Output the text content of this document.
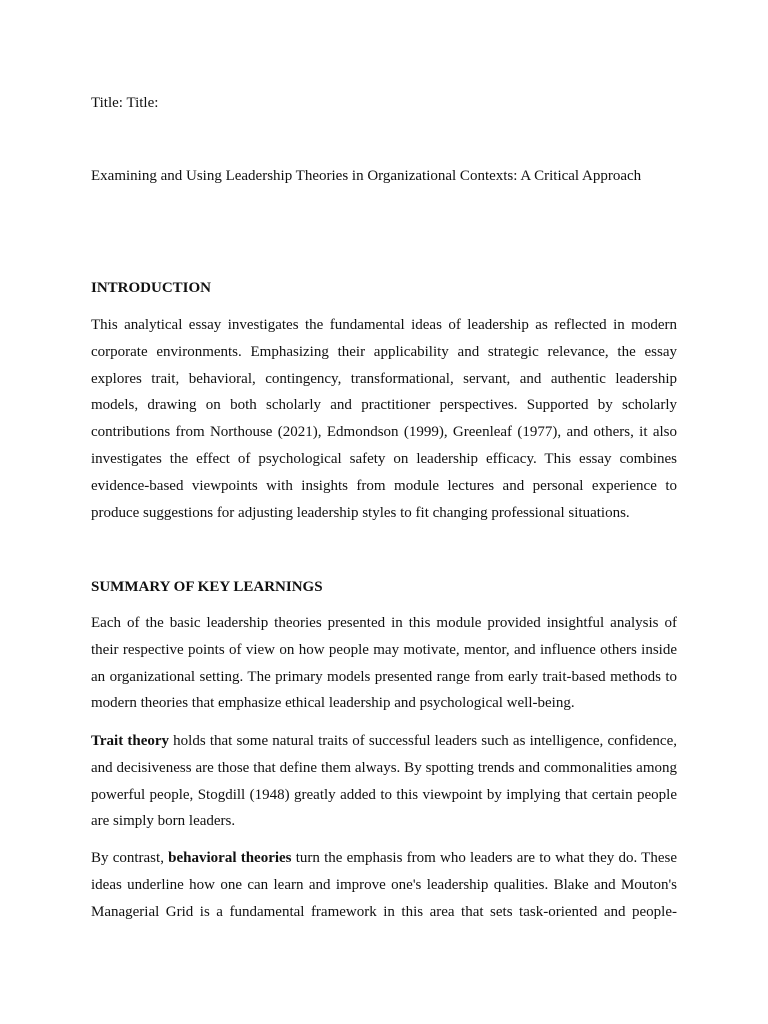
Title: Title:
Examining and Using Leadership Theories in Organizational Contexts: A Critical Approach
INTRODUCTION

This analytical essay investigates the fundamental ideas of leadership as reflected in modern corporate environments. Emphasizing their applicability and strategic relevance, the essay explores trait, behavioral, contingency, transformational, servant, and authentic leadership models, drawing on both scholarly and practitioner perspectives. Supported by scholarly contributions from Northouse (2021), Edmondson (1999), Greenleaf (1977), and others, it also investigates the effect of psychological safety on leadership efficacy. This essay combines evidence-based viewpoints with insights from module lectures and personal experience to produce suggestions for adjusting leadership styles to fit changing professional situations.

SUMMARY OF KEY LEARNINGS

Each of the basic leadership theories presented in this module provided insightful analysis of their respective points of view on how people may motivate, mentor, and influence others inside an organizational setting. The primary models presented range from early trait-based methods to modern theories that emphasize ethical leadership and psychological well-being.

Trait theory holds that some natural traits of successful leaders such as intelligence, confidence, and decisiveness are those that define them always. By spotting trends and commonalities among powerful people, Stogdill (1948) greatly added to this viewpoint by implying that certain people are simply born leaders.

By contrast, behavioral theories turn the emphasis from who leaders are to what they do. These ideas underline how one can learn and improve one's leadership qualities. Blake and Mouton's Managerial Grid is a fundamental framework in this area that sets task-oriented and people-
